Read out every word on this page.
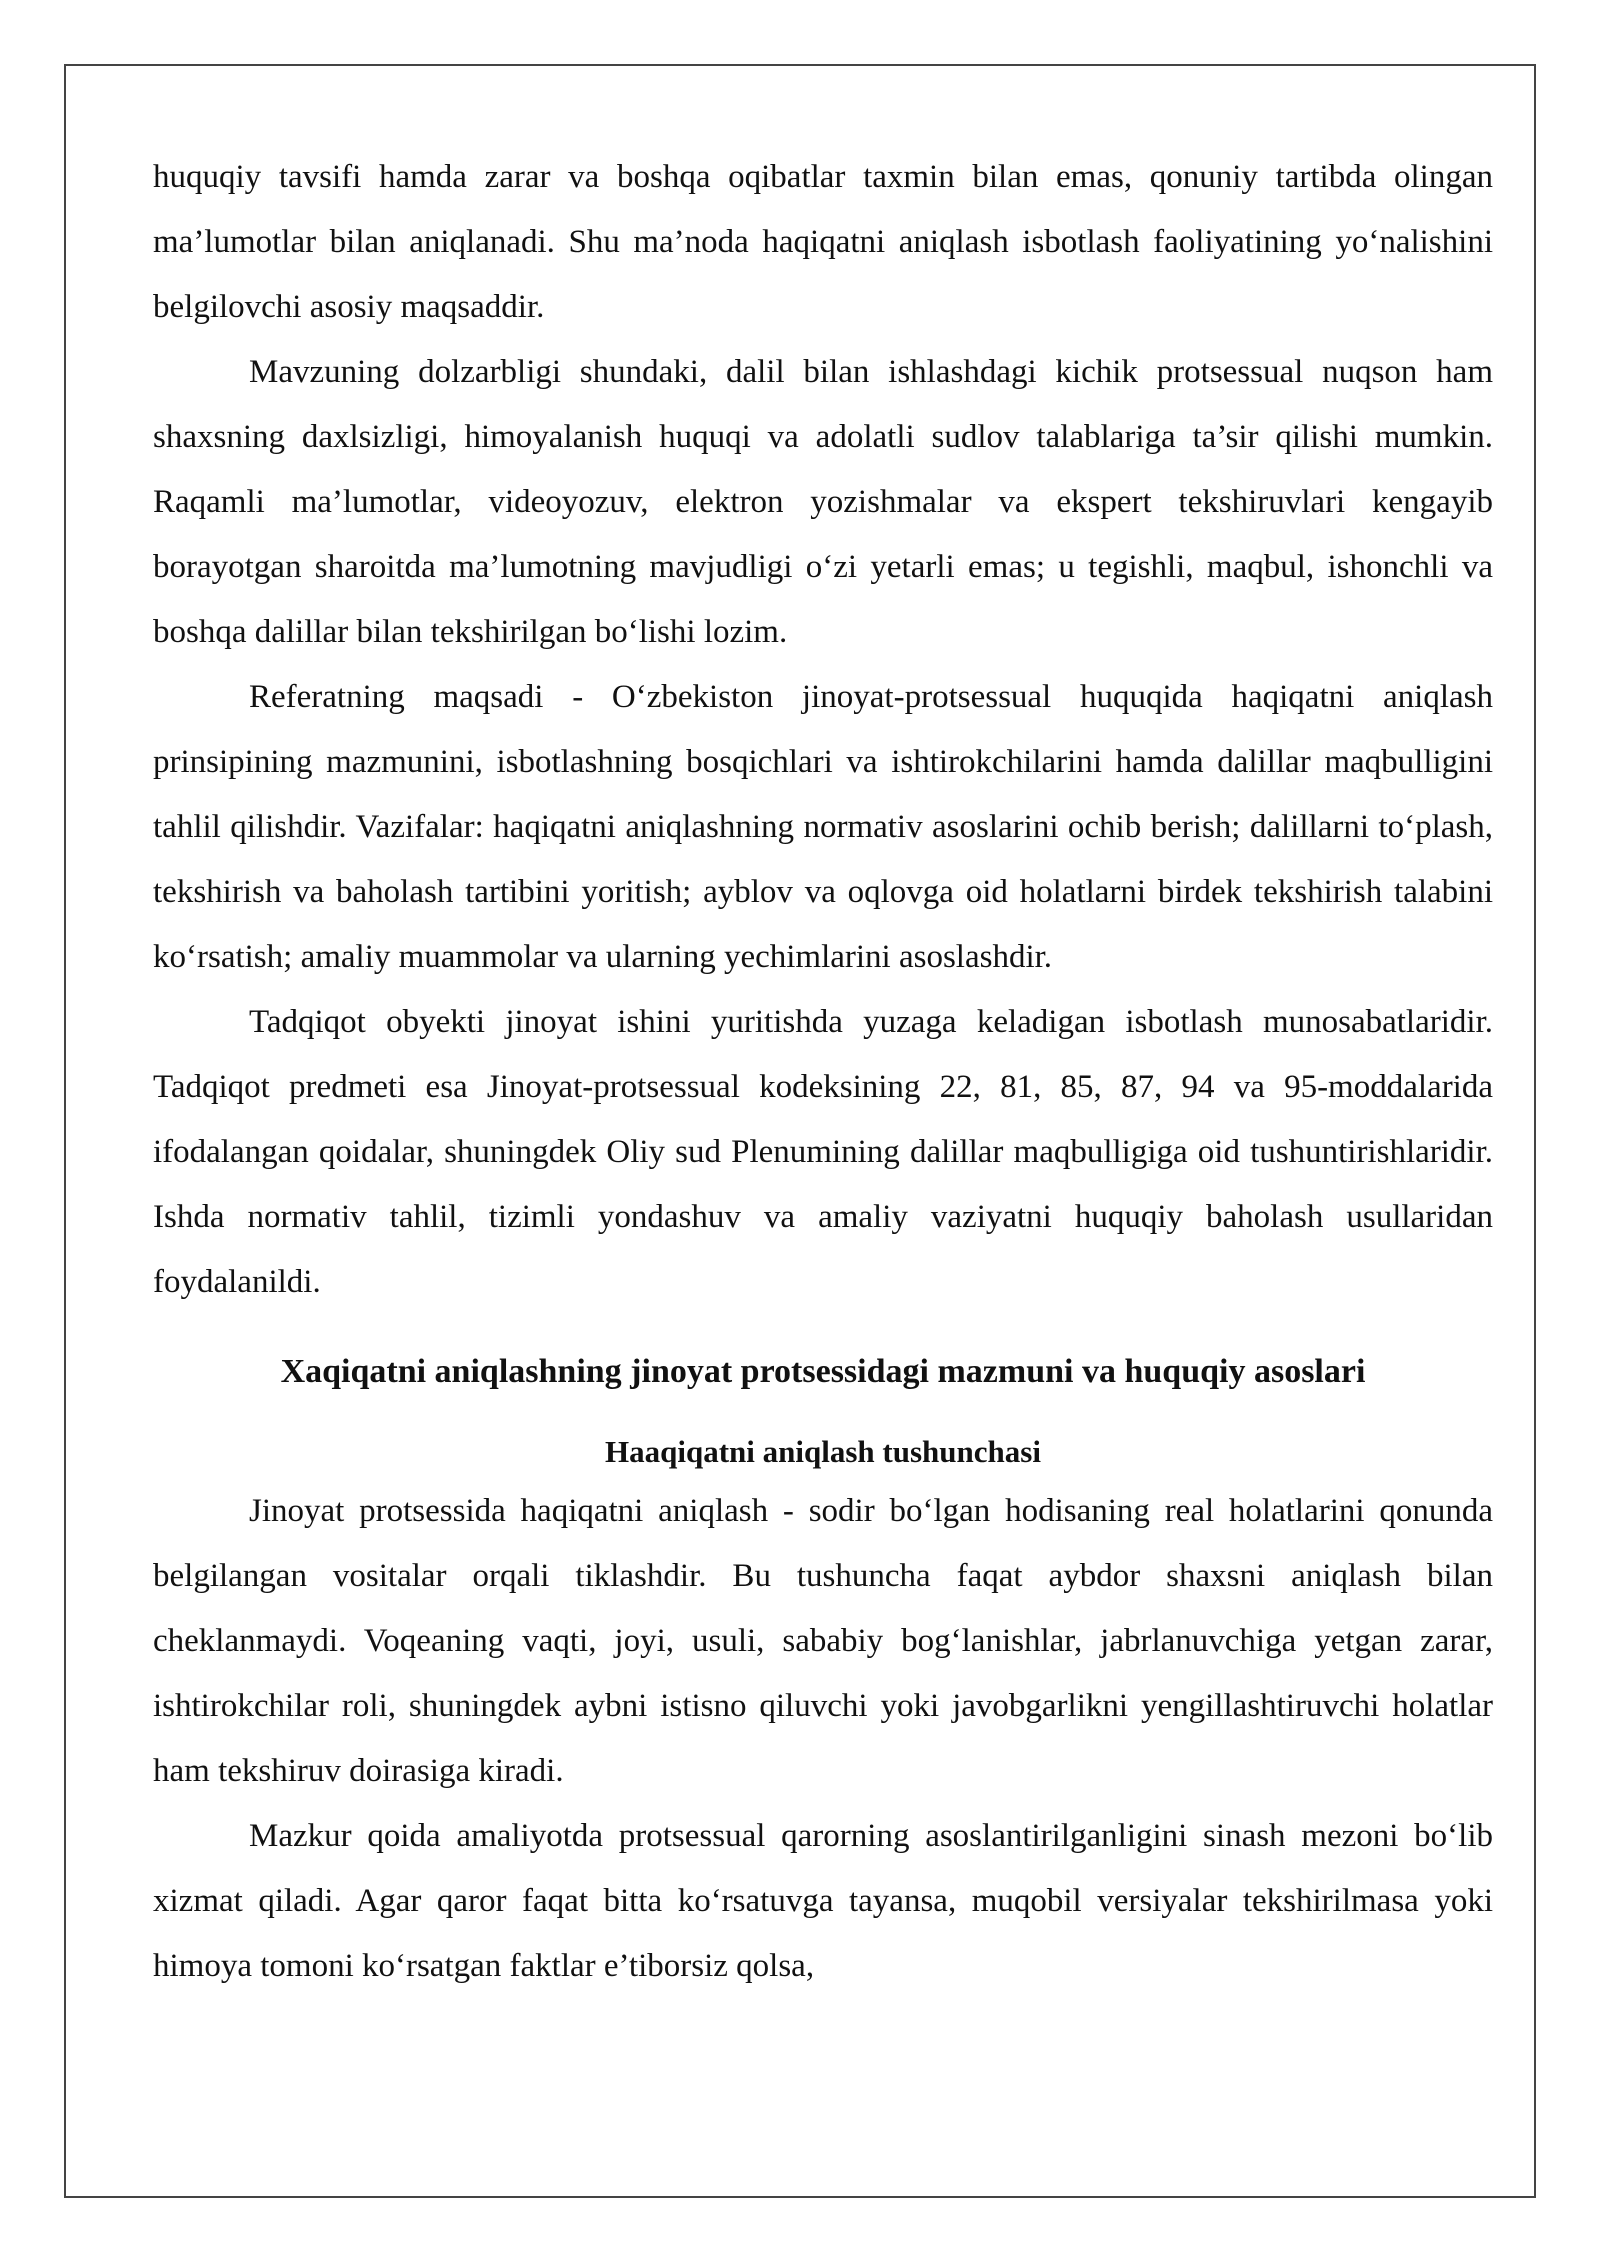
huquqiy tavsifi hamda zarar va boshqa oqibatlar taxmin bilan emas, qonuniy tartibda olingan ma’lumotlar bilan aniqlanadi. Shu ma’noda haqiqatni aniqlash isbotlash faoliyatining yo‘nalishini belgilovchi asosiy maqsaddir.

Mavzuning dolzarbligi shundaki, dalil bilan ishlashdagi kichik protsessual nuqson ham shaxsning daxlsizligi, himoyalanish huquqi va adolatli sudlov talablariga ta’sir qilishi mumkin. Raqamli ma’lumotlar, videoyozuv, elektron yozishmalar va ekspert tekshiruvlari kengayib borayotgan sharoitda ma’lumotning mavjudligi o‘zi yetarli emas; u tegishli, maqbul, ishonchli va boshqa dalillar bilan tekshirilgan bo‘lishi lozim.

Referatning maqsadi - O‘zbekiston jinoyat-protsessual huquqida haqiqatni aniqlash prinsipining mazmunini, isbotlashning bosqichlari va ishtirokchilarini hamda dalillar maqbulligini tahlil qilishdir. Vazifalar: haqiqatni aniqlashning normativ asoslarini ochib berish; dalillarni to‘plash, tekshirish va baholash tartibini yoritish; ayblov va oqlovga oid holatlarni birdek tekshirish talabini ko‘rsatish; amaliy muammolar va ularning yechimlarini asoslashdir.

Tadqiqot obyekti jinoyat ishini yuritishda yuzaga keladigan isbotlash munosabatlaridir. Tadqiqot predmeti esa Jinoyat-protsessual kodeksining 22, 81, 85, 87, 94 va 95-moddalarida ifodalangan qoidalar, shuningdek Oliy sud Plenumining dalillar maqbulligiga oid tushuntirishlaridir. Ishda normativ tahlil, tizimli yondashuv va amaliy vaziyatni huquqiy baholash usullaridan foydalanildi.

Xaqiqatni aniqlashning jinoyat protsessidagi mazmuni va huquqiy asoslari
Haaqiqatni aniqlash tushunchasi

Jinoyat protsessida haqiqatni aniqlash - sodir bo‘lgan hodisaning real holatlarini qonunda belgilangan vositalar orqali tiklashdir. Bu tushuncha faqat aybdor shaxsni aniqlash bilan cheklanmaydi. Voqeaning vaqti, joyi, usuli, sababiy bog‘lanishlar, jabrlanuvchiga yetgan zarar, ishtirokchilar roli, shuningdek aybni istisno qiluvchi yoki javobgarlikni yengillashtiruvchi holatlar ham tekshiruv doirasiga kiradi.

Mazkur qoida amaliyotda protsessual qarorning asoslantirilganligini sinash mezoni bo‘lib xizmat qiladi. Agar qaror faqat bitta ko‘rsatuvga tayansa, muqobil versiyalar tekshirilmasa yoki himoya tomoni ko‘rsatgan faktlar e’tiborsiz qolsa,
